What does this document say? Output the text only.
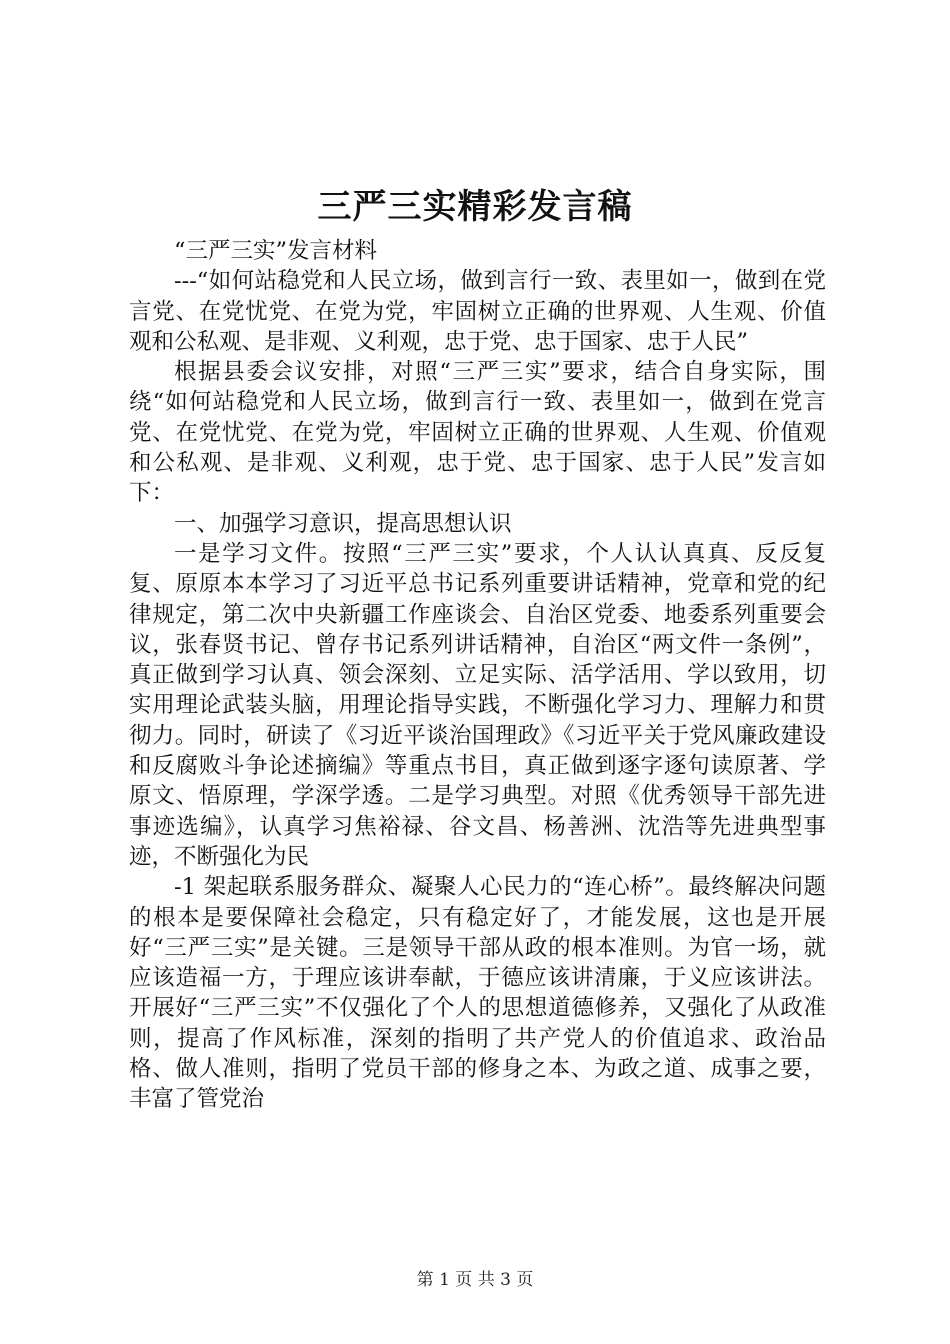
三严三实精彩发言稿

“三严三实”发言材料

---“如何站稳党和人民立场，做到言行一致、表里如一，做到在党言党、在党忧党、在党为党，牢固树立正确的世界观、人生观、价值观和公私观、是非观、义利观，忠于党、忠于国家、忠于人民”

根据县委会议安排，对照“三严三实”要求，结合自身实际，围绕“如何站稳党和人民立场，做到言行一致、表里如一，做到在党言党、在党忧党、在党为党，牢固树立正确的世界观、人生观、价值观和公私观、是非观、义利观，忠于党、忠于国家、忠于人民”发言如下：

一、加强学习意识，提高思想认识

一是学习文件。按照“三严三实”要求，个人认认真真、反反复复、原原本本学习了习近平总书记系列重要讲话精神，党章和党的纪律规定，第二次中央新疆工作座谈会、自治区党委、地委系列重要会议，张春贤书记、曾存书记系列讲话精神，自治区“两文件一条例”，真正做到学习认真、领会深刻、立足实际、活学活用、学以致用，切实用理论武装头脑，用理论指导实践，不断强化学习力、理解力和贯彻力。同时，研读了《习近平谈治国理政》《习近平关于党风廉政建设和反腐败斗争论述摘编》等重点书目，真正做到逐字逐句读原著、学原文、悟原理，学深学透。二是学习典型。对照《优秀领导干部先进事迹选编》，认真学习焦裕禄、谷文昌、杨善洲、沈浩等先进典型事迹，不断强化为民

-1 架起联系服务群众、凝聚人心民力的“连心桥”。最终解决问题的根本是要保障社会稳定，只有稳定好了，才能发展，这也是开展好“三严三实”是关键。三是领导干部从政的根本准则。为官一场，就应该造福一方，于理应该讲奉献，于德应该讲清廉，于义应该讲法。开展好“三严三实”不仅强化了个人的思想道德修养，又强化了从政准则，提高了作风标准，深刻的指明了共产党人的价值追求、政治品格、做人准则，指明了党员干部的修身之本、为政之道、成事之要，丰富了管党治

第 1 页 共 3 页
